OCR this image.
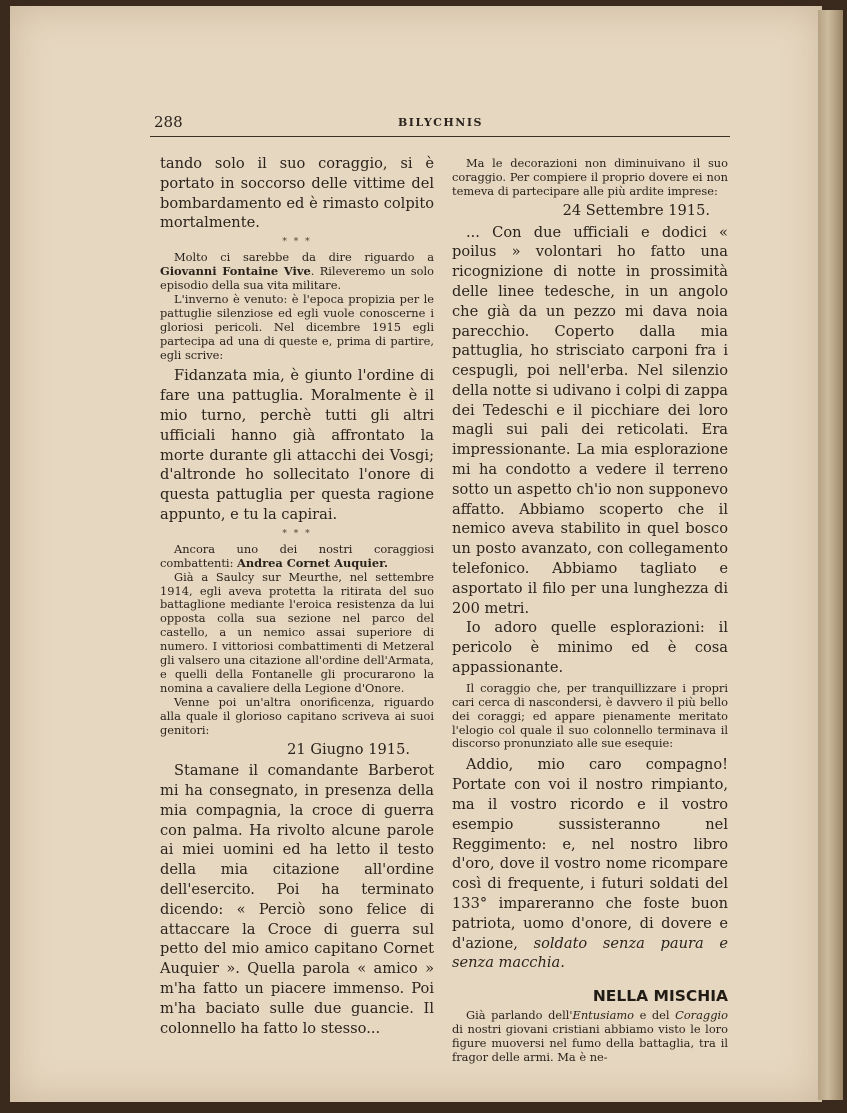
288	BILYCHNIS

tando solo il suo coraggio, si è portato in soccorso delle vittime del bombardamento ed è rimasto colpito mortalmente.

* * *

Molto ci sarebbe da dire riguardo a Giovanni Fontaine Vive. Rileveremo un solo episodio della sua vita militare.

L'inverno è venuto: è l'epoca propizia per le pattuglie silenziose ed egli vuole conoscerne i gloriosi pericoli. Nel dicembre 1915 egli partecipa ad una di queste e, prima di partire, egli scrive:

Fidanzata mia, è giunto l'ordine di fare una pattuglia. Moralmente è il mio turno, perchè tutti gli altri ufficiali hanno già affrontato la morte durante gli attacchi dei Vosgi; d'altronde ho sollecitato l'onore di questa pattuglia per questa ragione appunto, e tu la capirai.

* * *

Ancora uno dei nostri coraggiosi combattenti: Andrea Cornet Auquier.

Già a Saulcy sur Meurthe, nel settembre 1914, egli aveva protetta la ritirata del suo battaglione mediante l'eroica resistenza da lui opposta colla sua sezione nel parco del castello, a un nemico assai superiore di numero. I vittoriosi combattimenti di Metzeral gli valsero una citazione all'ordine dell'Armata, e quelli della Fontanelle gli procurarono la nomina a cavaliere della Legione d'Onore.

Venne poi un'altra onorificenza, riguardo alla quale il glorioso capitano scriveva ai suoi genitori:

21 Giugno 1915.

Stamane il comandante Barberot mi ha consegnato, in presenza della mia compagnia, la croce di guerra con palma. Ha rivolto alcune parole ai miei uomini ed ha letto il testo della mia citazione all'ordine dell'esercito. Poi ha terminato dicendo: « Perciò sono felice di attaccare la Croce di guerra sul petto del mio amico capitano Cornet Auquier ». Quella parola « amico » m'ha fatto un piacere immenso. Poi m'ha baciato sulle due guancie. Il colonnello ha fatto lo stesso...

Ma le decorazioni non diminuivano il suo coraggio. Per compiere il proprio dovere ei non temeva di partecipare alle più ardite imprese:

24 Settembre 1915.

... Con due ufficiali e dodici « poilus » volontari ho fatto una ricognizione di notte in prossimità delle linee tedesche, in un angolo che già da un pezzo mi dava noia parecchio. Coperto dalla mia pattuglia, ho strisciato carponi fra i cespugli, poi nell'erba. Nel silenzio della notte si udivano i colpi di zappa dei Tedeschi e il picchiare dei loro magli sui pali dei reticolati. Era impressionante. La mia esplorazione mi ha condotto a vedere il terreno sotto un aspetto ch'io non supponevo affatto. Abbiamo scoperto che il nemico aveva stabilito in quel bosco un posto avanzato, con collegamento telefonico. Abbiamo tagliato e asportato il filo per una lunghezza di 200 metri.

Io adoro quelle esplorazioni: il pericolo è minimo ed è cosa appassionante.

Il coraggio che, per tranquillizzare i propri cari cerca di nascondersi, è davvero il più bello dei coraggi; ed appare pienamente meritato l'elogio col quale il suo colonnello terminava il discorso pronunziato alle sue esequie:

Addio, mio caro compagno! Portate con voi il nostro rimpianto, ma il vostro ricordo e il vostro esempio sussisteranno nel Reggimento: e, nel nostro libro d'oro, dove il vostro nome ricompare così di frequente, i futuri soldati del 133° impareranno che foste buon patriota, uomo d'onore, di dovere e d'azione, soldato senza paura e senza macchia.

NELLA MISCHIA

Già parlando dell'Entusiamo e del Coraggio di nostri giovani cristiani abbiamo visto le loro figure muoversi nel fumo della battaglia, tra il fragor delle armi. Ma è ne-
